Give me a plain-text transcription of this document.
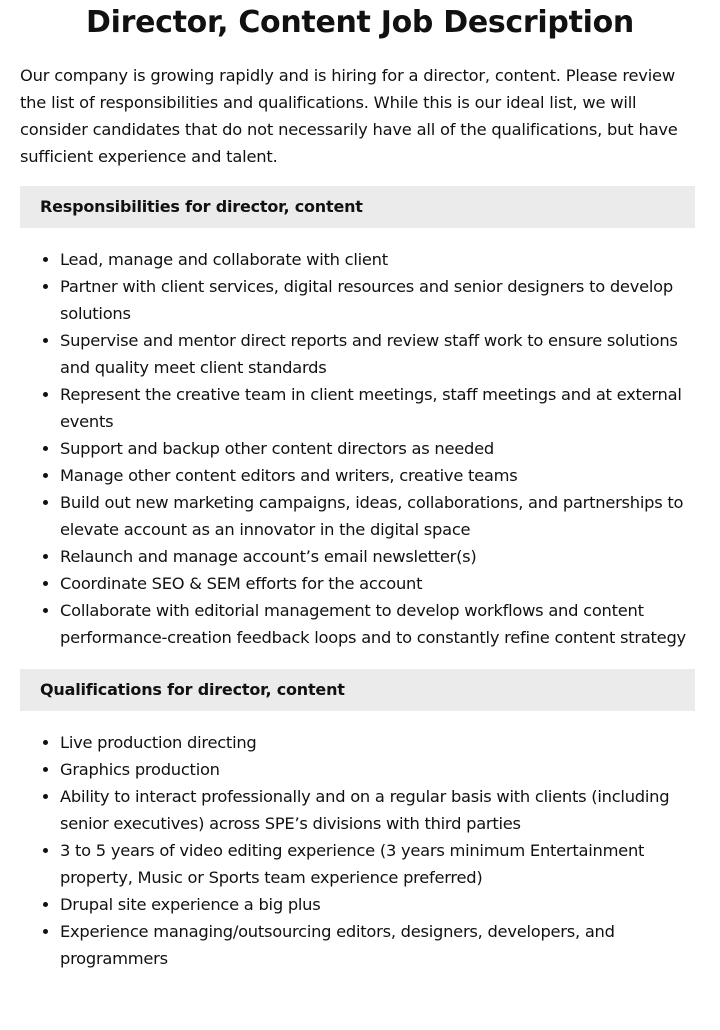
Director, Content Job Description

Our company is growing rapidly and is hiring for a director, content. Please review the list of responsibilities and qualifications. While this is our ideal list, we will consider candidates that do not necessarily have all of the qualifications, but have sufficient experience and talent.

Responsibilities for director, content
• Lead, manage and collaborate with client
• Partner with client services, digital resources and senior designers to develop solutions
• Supervise and mentor direct reports and review staff work to ensure solutions and quality meet client standards
• Represent the creative team in client meetings, staff meetings and at external events
• Support and backup other content directors as needed
• Manage other content editors and writers, creative teams
• Build out new marketing campaigns, ideas, collaborations, and partnerships to elevate account as an innovator in the digital space
• Relaunch and manage account’s email newsletter(s)
• Coordinate SEO & SEM efforts for the account
• Collaborate with editorial management to develop workflows and content performance-creation feedback loops and to constantly refine content strategy
Qualifications for director, content
• Live production directing
• Graphics production
• Ability to interact professionally and on a regular basis with clients (including senior executives) across SPE’s divisions with third parties
• 3 to 5 years of video editing experience (3 years minimum Entertainment property, Music or Sports team experience preferred)
• Drupal site experience a big plus
• Experience managing/outsourcing editors, designers, developers, and programmers
